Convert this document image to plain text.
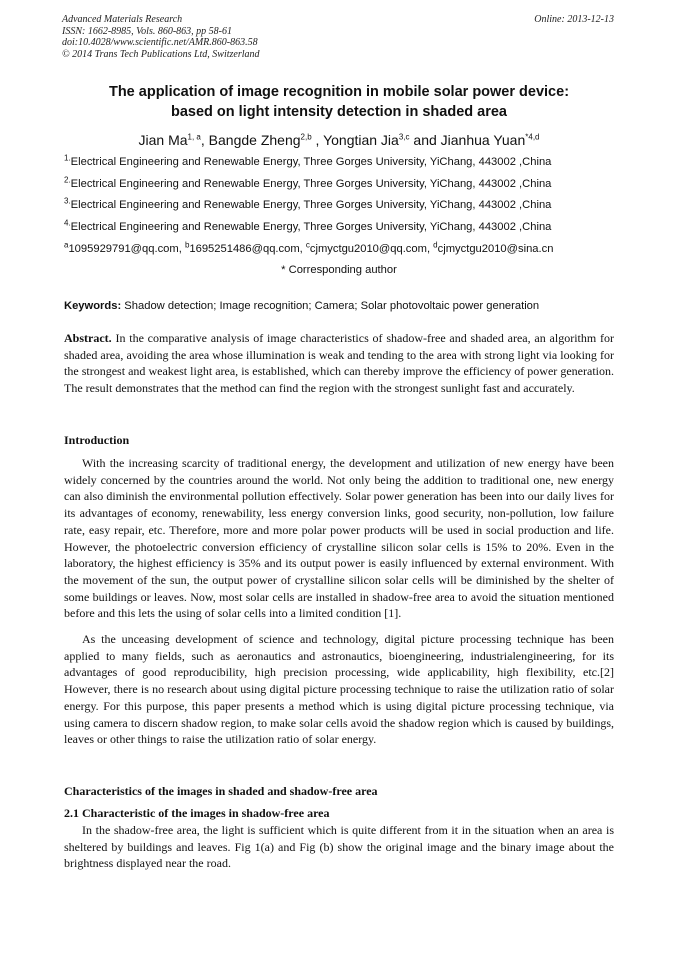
Advanced Materials Research
ISSN: 1662-8985, Vols. 860-863, pp 58-61
doi:10.4028/www.scientific.net/AMR.860-863.58
© 2014 Trans Tech Publications Ltd, Switzerland
Online: 2013-12-13
The application of image recognition in mobile solar power device:
based on light intensity detection in shaded area
Jian Ma$^{1, a}$, Bangde Zheng$^{2,b}$ , Yongtian Jia$^{3,c}$ and Jianhua Yuan$^{*4,d}$
$^{1.}$Electrical Engineering and Renewable Energy, Three Gorges University, YiChang, 443002 ,China
$^{2.}$Electrical Engineering and Renewable Energy, Three Gorges University, YiChang, 443002 ,China
$^{3.}$Electrical Engineering and Renewable Energy, Three Gorges University, YiChang, 443002 ,China
$^{4.}$Electrical Engineering and Renewable Energy, Three Gorges University, YiChang, 443002 ,China
$^a$1095929791@qq.com, $^b$1695251486@qq.com, $^c$cjmyctgu2010@qq.com, $^d$cjmyctgu2010@sina.cn
* Corresponding author
Keywords: Shadow detection; Image recognition; Camera; Solar photovoltaic power generation
Abstract. In the comparative analysis of image characteristics of shadow-free and shaded area, an algorithm for shaded area, avoiding the area whose illumination is weak and tending to the area with strong light via looking for the strongest and weakest light area, is established, which can thereby improve the efficiency of power generation. The result demonstrates that the method can find the region with the strongest sunlight fast and accurately.
Introduction
With the increasing scarcity of traditional energy, the development and utilization of new energy have been widely concerned by the countries around the world. Not only being the addition to traditional one, new energy can also diminish the environmental pollution effectively. Solar power generation has been into our daily lives for its advantages of economy, renewability, less energy conversion links, good security, non-pollution, low failure rate, easy repair, etc. Therefore, more and more polar power products will be used in social production and life. However, the photoelectric conversion efficiency of crystalline silicon solar cells is 15% to 20%. Even in the laboratory, the highest efficiency is 35% and its output power is easily influenced by external environment. With the movement of the sun, the output power of crystalline silicon solar cells will be diminished by the shelter of some buildings or leaves. Now, most solar cells are installed in shadow-free area to avoid the situation mentioned before and this lets the using of solar cells into a limited condition [1].
As the unceasing development of science and technology, digital picture processing technique has been applied to many fields, such as aeronautics and astronautics, bioengineering, industrialengineering, for its advantages of good reproducibility, high precision processing, wide applicability, high flexibility, etc.[2] However, there is no research about using digital picture processing technique to raise the utilization ratio of solar energy. For this purpose, this paper presents a method which is using digital picture processing technique, via using camera to discern shadow region, to make solar cells avoid the shadow region which is caused by buildings, leaves or other things to raise the utilization ratio of solar energy.
Characteristics of the images in shaded and shadow-free area
2.1 Characteristic of the images in shadow-free area
In the shadow-free area, the light is sufficient which is quite different from it in the situation when an area is sheltered by buildings and leaves. Fig 1(a) and Fig (b) show the original image and the binary image about the brightness displayed near the road.
